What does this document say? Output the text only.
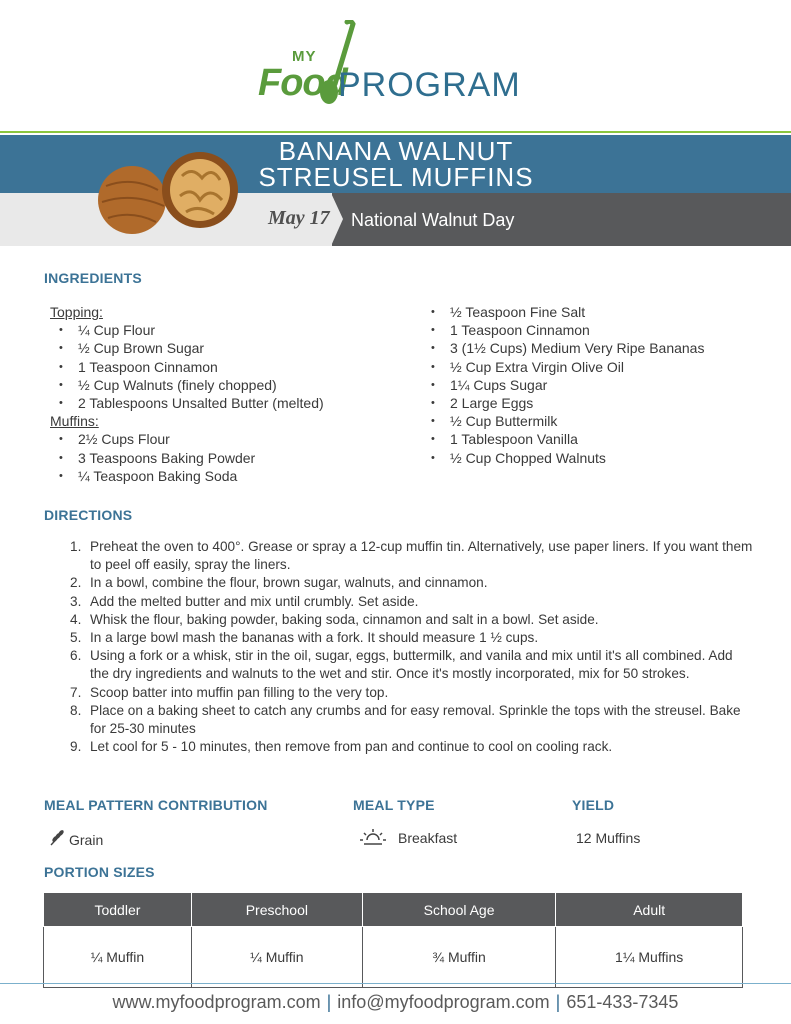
MY
Food
PROGRAM
BANANA WALNUT
STREUSEL MUFFINS
May 17 National Walnut Day
INGREDIENTS
Topping:
• ¼ Cup Flour
• ½ Cup Brown Sugar
• 1 Teaspoon Cinnamon
• ½ Cup Walnuts (finely chopped)
• 2 Tablespoons Unsalted Butter (melted)
Muffins:
• 2½ Cups Flour
• 3 Teaspoons Baking Powder
• ¼ Teaspoon Baking Soda
• ½ Teaspoon Fine Salt
• 1 Teaspoon Cinnamon
• 3 (1½ Cups) Medium Very Ripe Bananas
• ½ Cup Extra Virgin Olive Oil
• 1¼ Cups Sugar
• 2 Large Eggs
• ½ Cup Buttermilk
• 1 Tablespoon Vanilla
• ½ Cup Chopped Walnuts
DIRECTIONS
Preheat the oven to 400°. Grease or spray a 12-cup muffin tin. Alternatively, use paper liners. If you want them to peel off easily, spray the liners.
In a bowl, combine the flour, brown sugar, walnuts, and cinnamon.
Add the melted butter and mix until crumbly. Set aside.
Whisk the flour, baking powder, baking soda, cinnamon and salt in a bowl. Set aside.
In a large bowl mash the bananas with a fork. It should measure 1 ½ cups.
Using a fork or a whisk, stir in the oil, sugar, eggs, buttermilk, and vanila and mix until it's all combined. Add the dry ingredients and walnuts to the wet and stir. Once it's mostly incorporated, mix for 50 strokes.
Scoop batter into muffin pan filling to the very top.
Place on a baking sheet to catch any crumbs and for easy removal. Sprinkle the tops with the streusel. Bake for 25-30 minutes
Let cool for 5 - 10 minutes, then remove from pan and continue to cool on cooling rack.
MEAL PATTERN CONTRIBUTION	MEAL TYPE	YIELD
Grain	Breakfast	12 Muffins
PORTION SIZES
Toddler	Preschool	School Age	Adult
¼ Muffin	¼ Muffin	¾ Muffin	1¼ Muffins
www.myfoodprogram.com | info@myfoodprogram.com | 651-433-7345
